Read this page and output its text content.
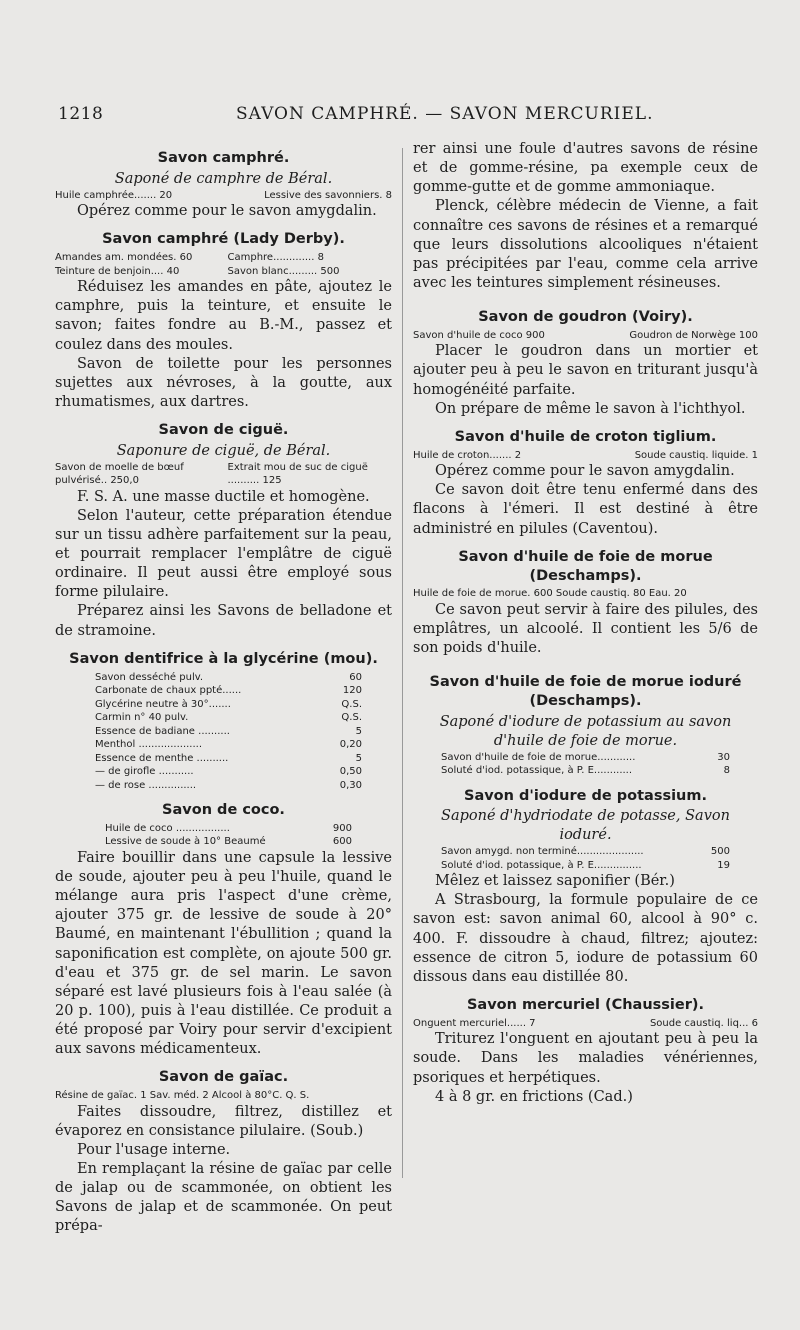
1218	SAVON CAMPHRÉ. — SAVON MERCURIEL.
Savon camphré.
Saponé de camphre de Béral.
Huile camphrée....... 20	Lessive des savonniers. 8
Opérez comme pour le savon amygdalin.
Savon camphré (Lady Derby).
Amandes am. mondées. 60	Camphre............. 8
Teinture de benjoin.... 40	Savon blanc......... 500
Réduisez les amandes en pâte, ajoutez le camphre, puis la teinture, et ensuite le savon; faites fondre au B.-M., passez et coulez dans des moules.
Savon de toilette pour les personnes sujettes aux névroses, à la goutte, aux rhumatismes, aux dartres.
Savon de ciguë.
Saponure de ciguë, de Béral.
Savon de moelle de bœuf pulvérisé.. 250,0
Extrait mou de suc de ciguë .......... 125
F. S. A. une masse ductile et homogène.
Selon l'auteur, cette préparation étendue sur un tissu adhère parfaitement sur la peau, et pourrait remplacer l'emplâtre de ciguë ordinaire. Il peut aussi être employé sous forme pilulaire.
Préparez ainsi les Savons de belladone et de stramoine.
Savon dentifrice à la glycérine (mou).
Savon desséché pulv.	60
Carbonate de chaux ppté......	120
Glycérine neutre à 30°.......	Q.S.
Carmin n° 40 pulv.	Q.S.
Essence de badiane ..........	5
Menthol ....................	0,20
Essence de menthe ..........	5
— de girofle ...........	0,50
— de rose ...............	0,30
Savon de coco.
Huile de coco .................	900
Lessive de soude à 10° Beaumé	600
Faire bouillir dans une capsule la lessive de soude, ajouter peu à peu l'huile, quand le mélange aura pris l'aspect d'une crème, ajouter 375 gr. de lessive de soude à 20° Baumé, en maintenant l'ébullition ; quand la saponification est complète, on ajoute 500 gr. d'eau et 375 gr. de sel marin. Le savon séparé est lavé plusieurs fois à l'eau salée (à 20 p. 100), puis à l'eau distillée. Ce produit a été proposé par Voiry pour servir d'excipient aux savons médicamenteux.
Savon de gaïac.
Résine de gaïac. 1 Sav. méd. 2 Alcool à 80°C. Q. S.
Faites dissoudre, filtrez, distillez et évaporez en consistance pilulaire. (Soub.)
Pour l'usage interne.
En remplaçant la résine de gaïac par celle de jalap ou de scammonée, on obtient les Savons de jalap et de scammonée. On peut prépa-
rer ainsi une foule d'autres savons de résine et de gomme-résine, pa exemple ceux de gomme-gutte et de gomme ammoniaque.
Plenck, célèbre médecin de Vienne, a fait connaître ces savons de résines et a remarqué que leurs dissolutions alcooliques n'étaient pas précipitées par l'eau, comme cela arrive avec les teintures simplement résineuses.
Savon de goudron (Voiry).
Savon d'huile de coco 900	Goudron de Norwège 100
Placer le goudron dans un mortier et ajouter peu à peu le savon en triturant jusqu'à homogénéité parfaite.
On prépare de même le savon à l'ichthyol.
Savon d'huile de croton tiglium.
Huile de croton....... 2	Soude caustiq. liquide. 1
Opérez comme pour le savon amygdalin.
Ce savon doit être tenu enfermé dans des flacons à l'émeri. Il est destiné à être administré en pilules (Caventou).
Savon d'huile de foie de morue (Deschamps).
Huile de foie de morue. 600 Soude caustiq. 80 Eau. 20
Ce savon peut servir à faire des pilules, des emplâtres, un alcoolé. Il contient les 5/6 de son poids d'huile.
Savon d'huile de foie de morue ioduré (Deschamps).
Saponé d'iodure de potassium au savon d'huile de foie de morue.
Savon d'huile de foie de morue............	30
Soluté d'iod. potassique, à P. E............	8
Savon d'iodure de potassium.
Saponé d'hydriodate de potasse, Savon ioduré.
Savon amygd. non terminé.....................	500
Soluté d'iod. potassique, à P. E...............	19
Mêlez et laissez saponifier (Bér.)
A Strasbourg, la formule populaire de ce savon est: savon animal 60, alcool à 90° c. 400. F. dissoudre à chaud, filtrez; ajoutez: essence de citron 5, iodure de potassium 60 dissous dans eau distillée 80.
Savon mercuriel (Chaussier).
Onguent mercuriel...... 7	Soude caustiq. liq... 6
Triturez l'onguent en ajoutant peu à peu la soude. Dans les maladies vénériennes, psoriques et herpétiques.
4 à 8 gr. en frictions (Cad.)
